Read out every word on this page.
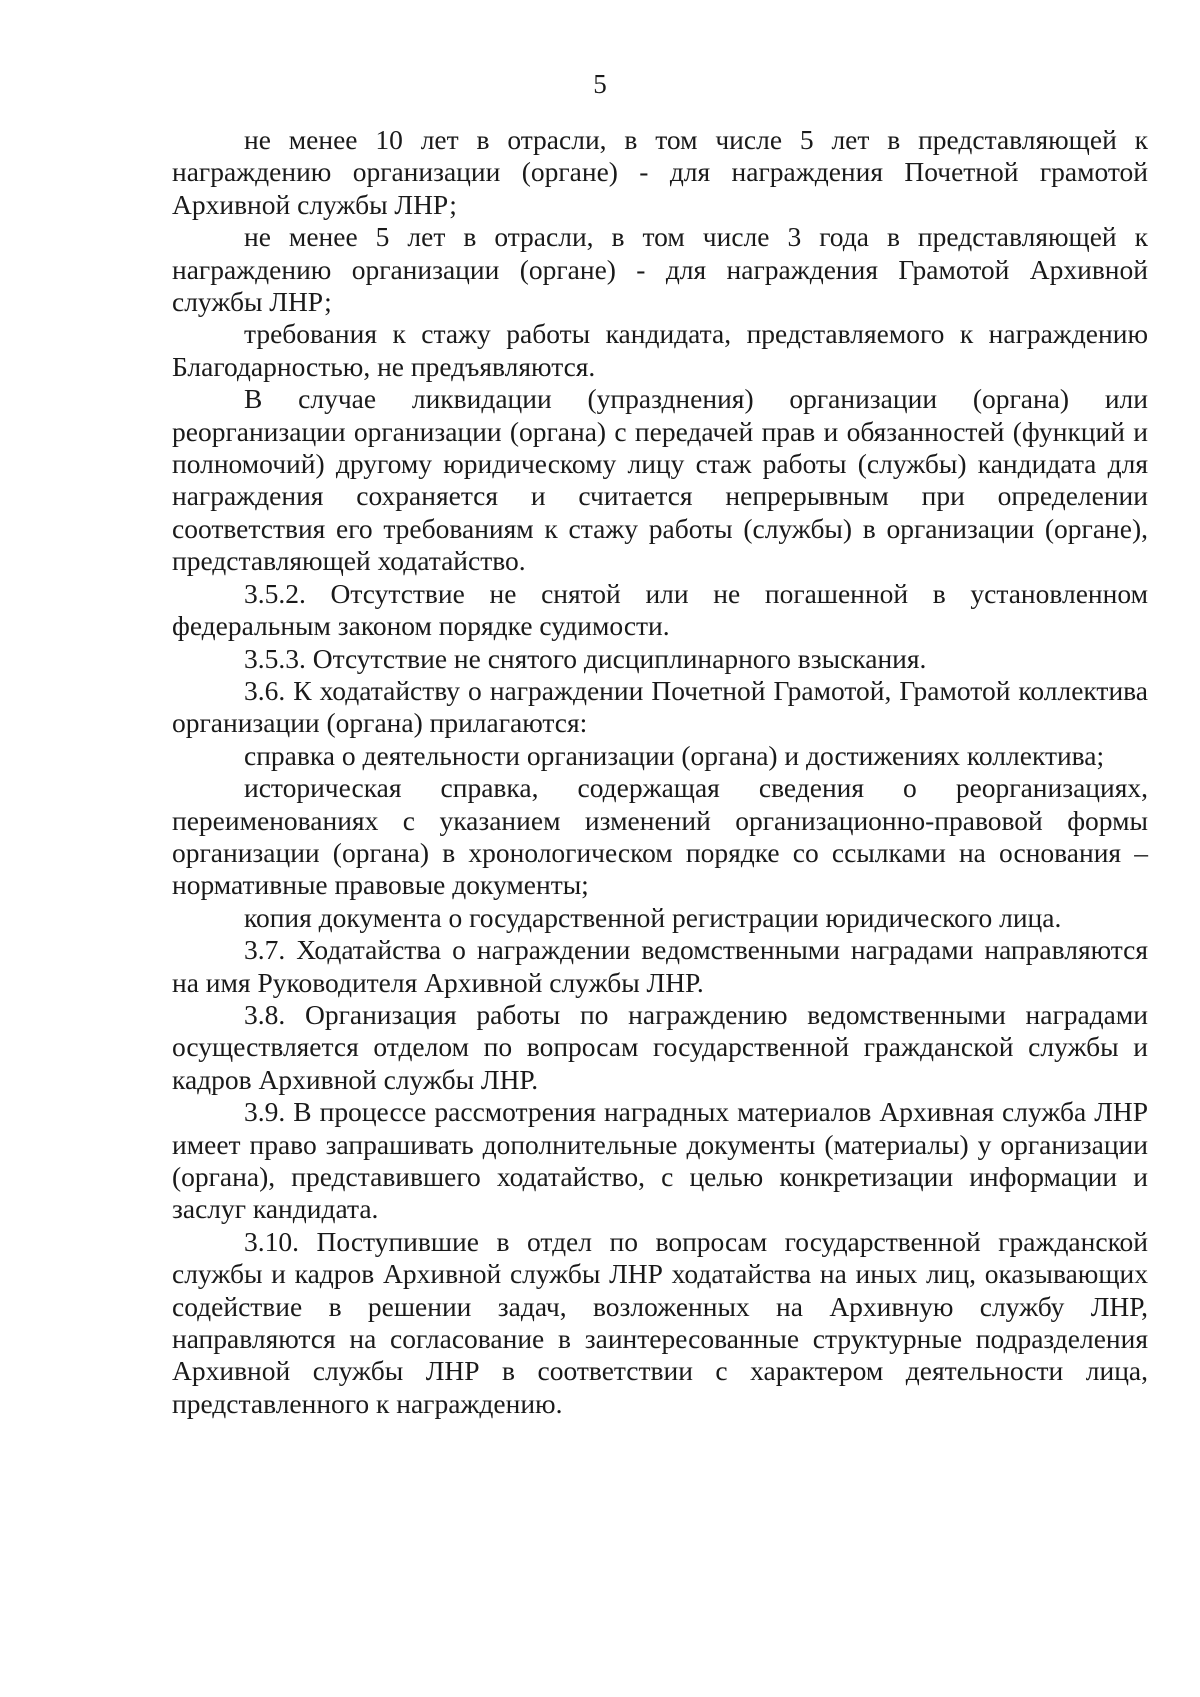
5

не менее 10 лет в отрасли, в том числе 5 лет в представляющей к награждению организации (органе) - для награждения Почетной грамотой Архивной службы ЛНР;

не менее 5 лет в отрасли, в том числе 3 года в представляющей к награждению организации (органе) - для награждения Грамотой Архивной службы ЛНР;

требования к стажу работы кандидата, представляемого к награждению Благодарностью, не предъявляются.

В случае ликвидации (упразднения) организации (органа) или реорганизации организации (органа) с передачей прав и обязанностей (функций и полномочий) другому юридическому лицу стаж работы (службы) кандидата для награждения сохраняется и считается непрерывным при определении соответствия его требованиям к стажу работы (службы) в организации (органе), представляющей ходатайство.

3.5.2. Отсутствие не снятой или не погашенной в установленном федеральным законом порядке судимости.

3.5.3. Отсутствие не снятого дисциплинарного взыскания.

3.6. К ходатайству о награждении Почетной Грамотой, Грамотой коллектива организации (органа) прилагаются:

справка о деятельности организации (органа) и достижениях коллектива;

историческая справка, содержащая сведения о реорганизациях, переименованиях с указанием изменений организационно-правовой формы организации (органа) в хронологическом порядке со ссылками на основания – нормативные правовые документы;

копия документа о государственной регистрации юридического лица.

3.7. Ходатайства о награждении ведомственными наградами направляются на имя Руководителя Архивной службы ЛНР.

3.8. Организация работы по награждению ведомственными наградами осуществляется отделом по вопросам государственной гражданской службы и кадров Архивной службы ЛНР.

3.9. В процессе рассмотрения наградных материалов Архивная служба ЛНР имеет право запрашивать дополнительные документы (материалы) у организации (органа), представившего ходатайство, с целью конкретизации информации и заслуг кандидата.

3.10. Поступившие в отдел по вопросам государственной гражданской службы и кадров Архивной службы ЛНР ходатайства на иных лиц, оказывающих содействие в решении задач, возложенных на Архивную службу ЛНР, направляются на согласование в заинтересованные структурные подразделения Архивной службы ЛНР в соответствии с характером деятельности лица, представленного к награждению.
